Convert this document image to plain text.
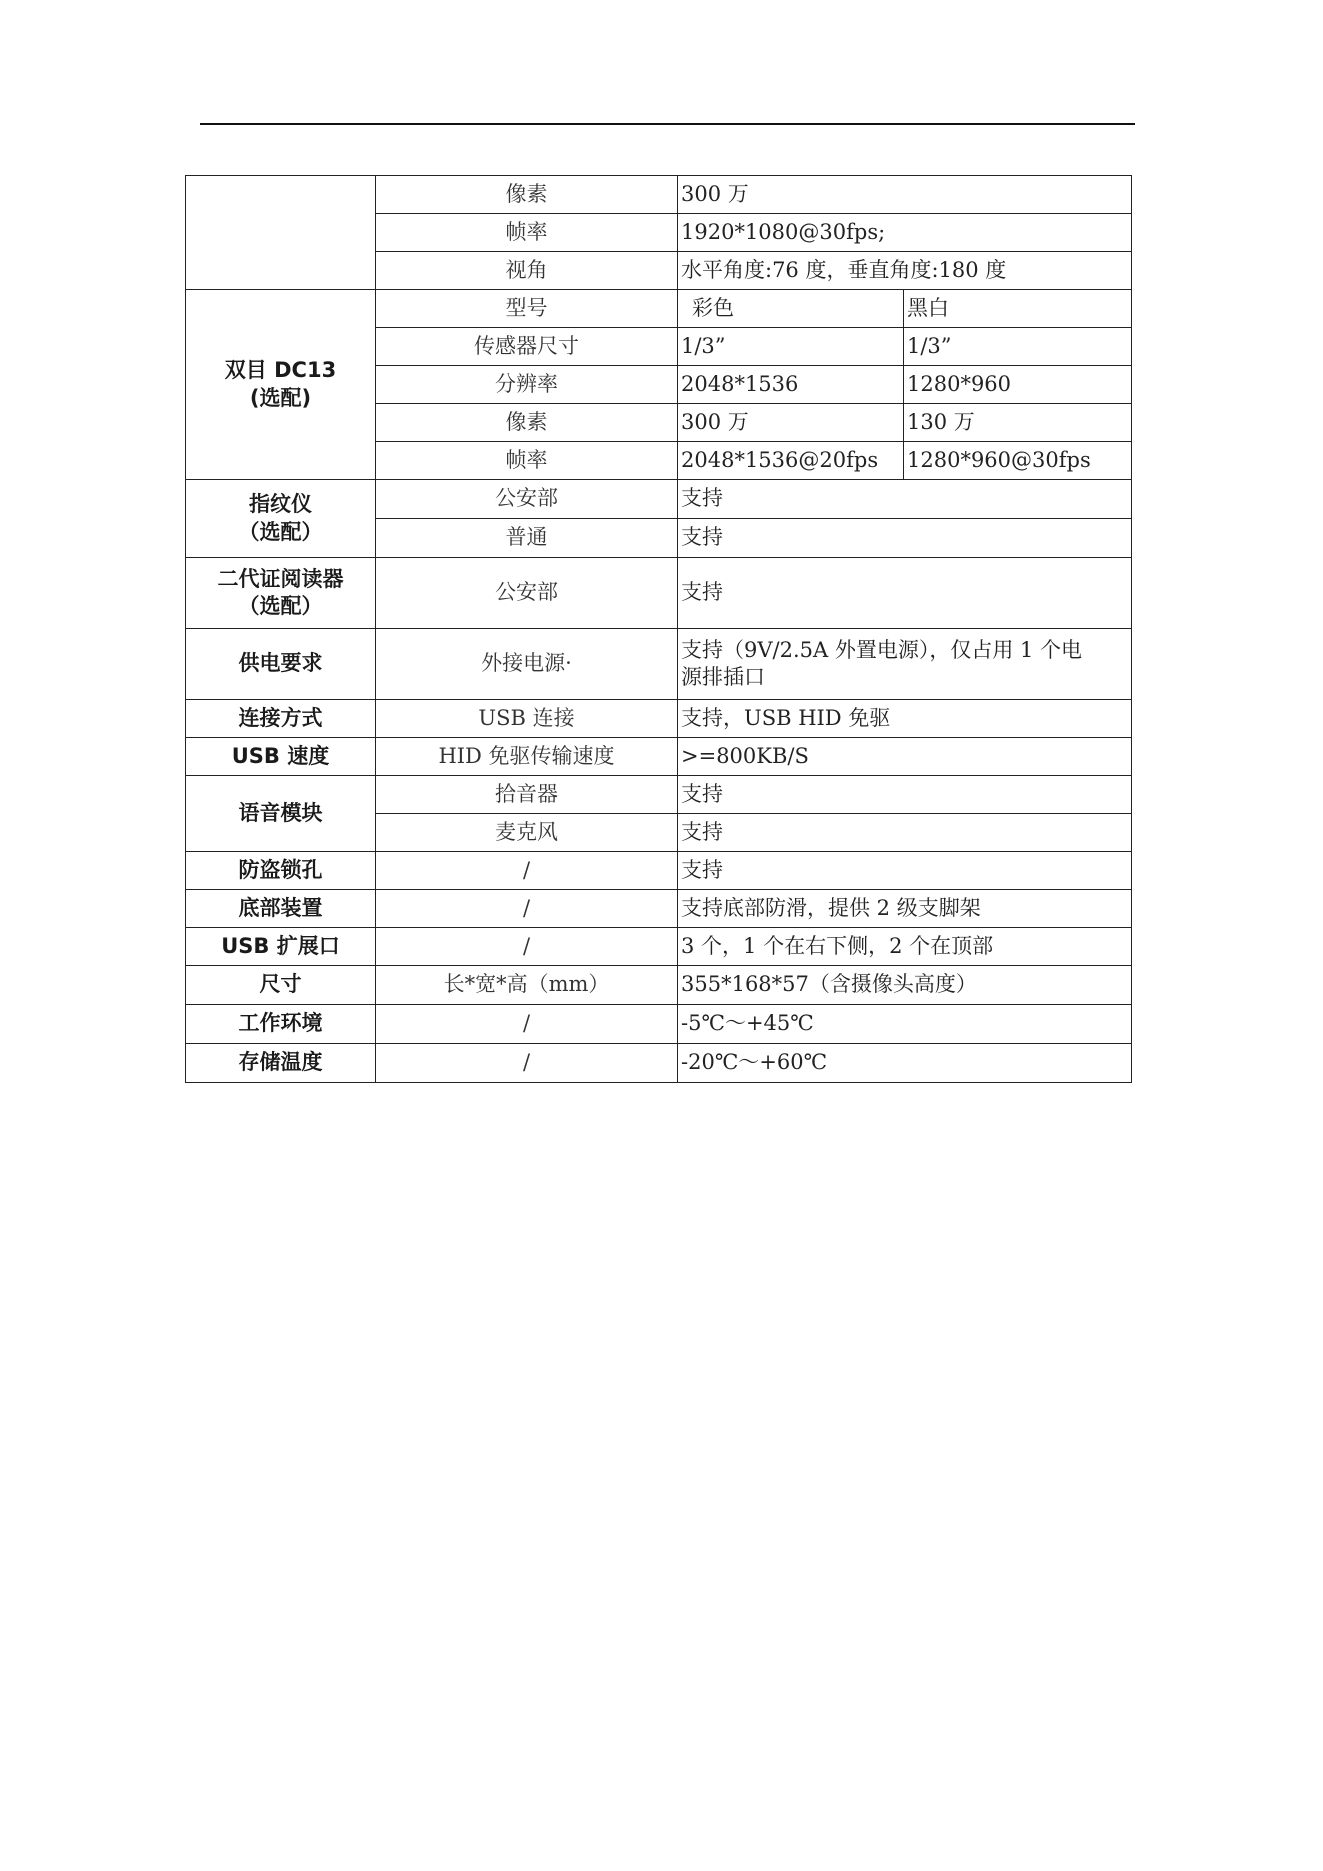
	像素	300 万	
	帧率	1920*1080@30fps;	
	视角	水平角度:76 度，垂直角度:180 度	

双目 DC13
(选配)	型号	彩色	黑白
	传感器尺寸	1/3”	1/3”
	分辨率	2048*1536	1280*960
	像素	300 万	130 万
	帧率	2048*1536@20fps	1280*960@30fps

指纹仪
（选配）	公安部	支持	
	普通	支持	

二代证阅读器
（选配）	公安部	支持	
供电要求	外接电源·	支持（9V/2.5A 外置电源），仅占用 1 个电
源排插口	

连接方式	USB 连接	支持，USB HID 免驱	
USB 速度	HID 免驱传输速度	>=800KB/S	
语音模块	拾音器	支持	
	麦克风	支持	
防盗锁孔	/	支持	
底部装置	/	支持底部防滑，提供 2 级支脚架	
USB 扩展口	/	3 个，1 个在右下侧，2 个在顶部	
尺寸	长*宽*高（mm）	355*168*57（含摄像头高度）	
工作环境	/	-5℃～+45℃	
存储温度	/	-20℃～+60℃	
